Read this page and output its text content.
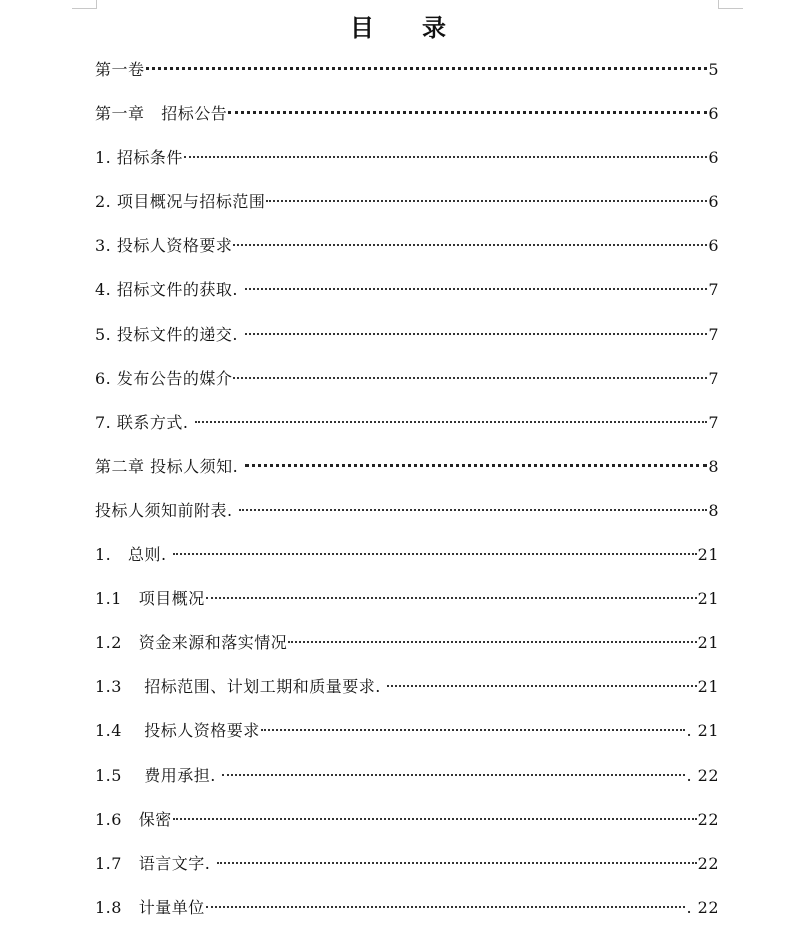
目 录
第一卷	5
第一章   招标公告	6
1. 招标条件	6
2. 项目概况与招标范围	6
3. 投标人资格要求	6
4. 招标文件的获取.	7
5. 投标文件的递交.	7
6. 发布公告的媒介	7
7. 联系方式.	7
第二章 投标人须知.	8
投标人须知前附表.	8
1.   总则.	21
1.1   项目概况	21
1.2   资金来源和落实情况	21
1.3    招标范围、计划工期和质量要求.	21
1.4    投标人资格要求	. 21
1.5    费用承担.	. 22
1.6   保密	22
1.7   语言文字.	22
1.8   计量单位	. 22
